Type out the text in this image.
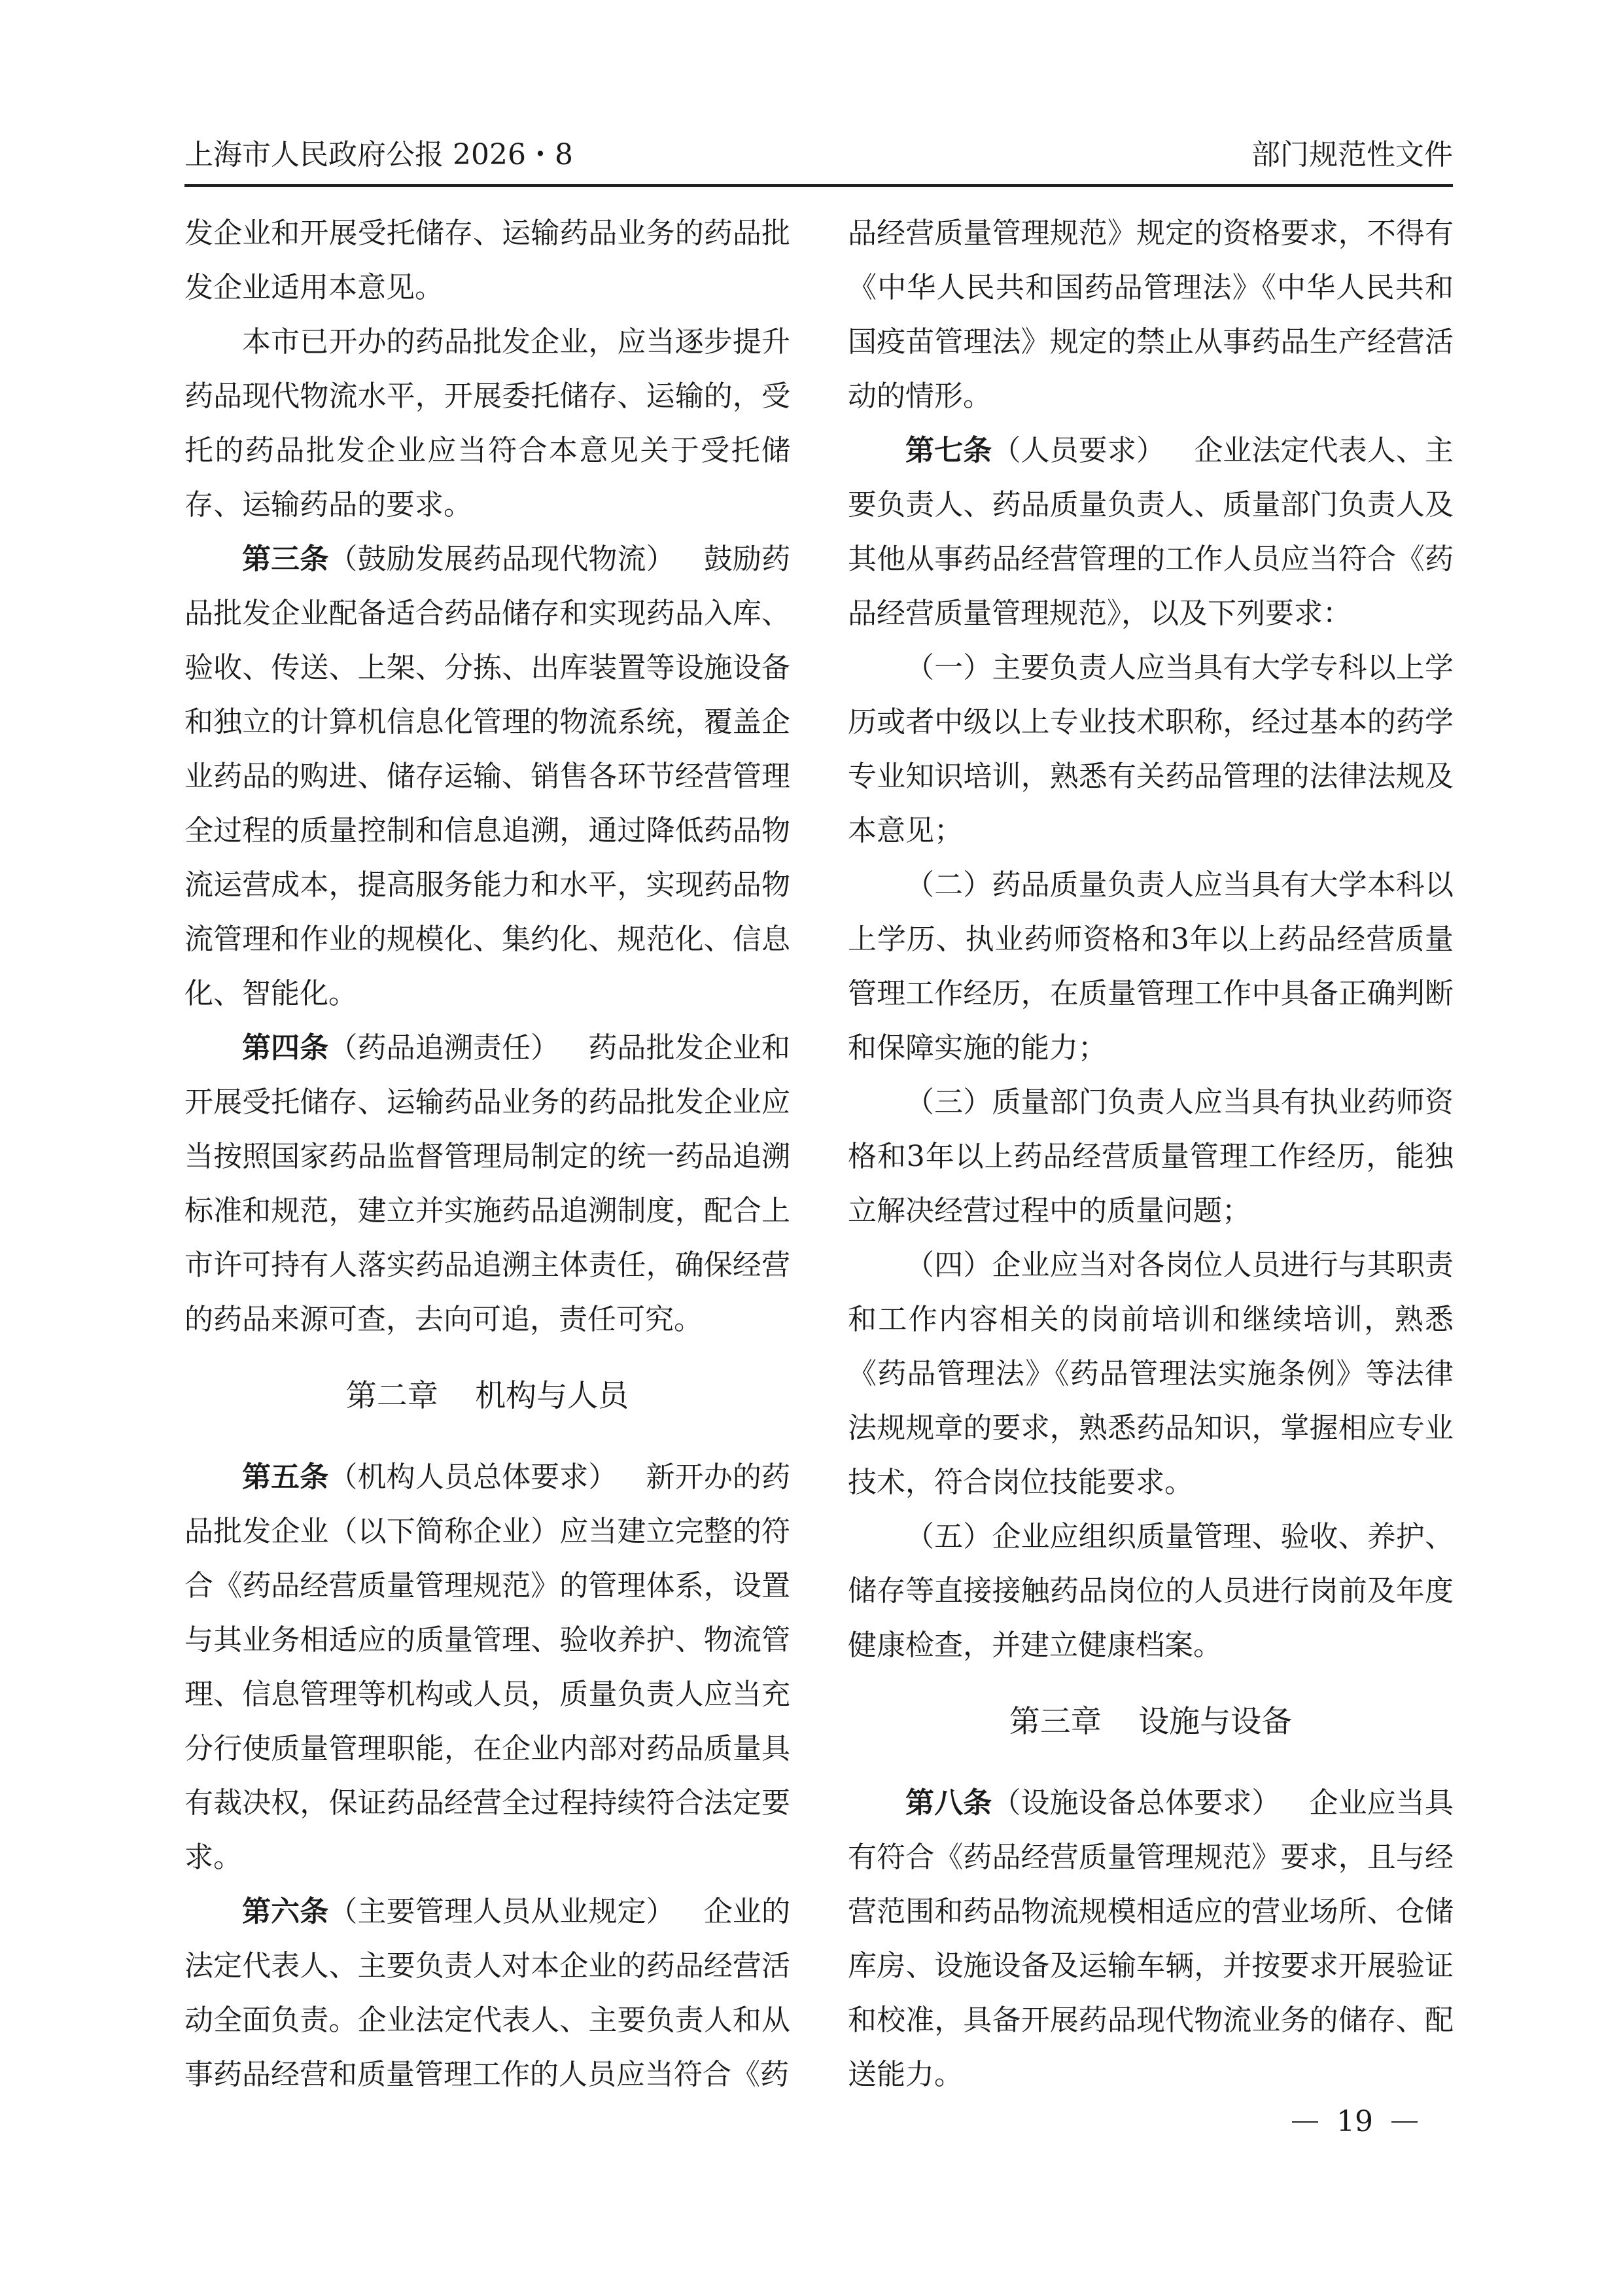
上海市人民政府公报 2026・8	部门规范性文件

发企业和开展受托储存、运输药品业务的药品批发企业适用本意见。

本市已开办的药品批发企业，应当逐步提升药品现代物流水平，开展委托储存、运输的，受托的药品批发企业应当符合本意见关于受托储存、运输药品的要求。

第三条（鼓励发展药品现代物流） 鼓励药品批发企业配备适合药品储存和实现药品入库、验收、传送、上架、分拣、出库装置等设施设备和独立的计算机信息化管理的物流系统，覆盖企业药品的购进、储存运输、销售各环节经营管理全过程的质量控制和信息追溯，通过降低药品物流运营成本，提高服务能力和水平，实现药品物流管理和作业的规模化、集约化、规范化、信息化、智能化。

第四条（药品追溯责任） 药品批发企业和开展受托储存、运输药品业务的药品批发企业应当按照国家药品监督管理局制定的统一药品追溯标准和规范，建立并实施药品追溯制度，配合上市许可持有人落实药品追溯主体责任，确保经营的药品来源可查，去向可追，责任可究。

第二章 机构与人员

第五条（机构人员总体要求） 新开办的药品批发企业（以下简称企业）应当建立完整的符合《药品经营质量管理规范》的管理体系，设置与其业务相适应的质量管理、验收养护、物流管理、信息管理等机构或人员，质量负责人应当充分行使质量管理职能，在企业内部对药品质量具有裁决权，保证药品经营全过程持续符合法定要求。

第六条（主要管理人员从业规定） 企业的法定代表人、主要负责人对本企业的药品经营活动全面负责。企业法定代表人、主要负责人和从事药品经营和质量管理工作的人员应当符合《药

品经营质量管理规范》规定的资格要求，不得有《中华人民共和国药品管理法》《中华人民共和国疫苗管理法》规定的禁止从事药品生产经营活动的情形。

第七条（人员要求） 企业法定代表人、主要负责人、药品质量负责人、质量部门负责人及其他从事药品经营管理的工作人员应当符合《药品经营质量管理规范》，以及下列要求：

（一）主要负责人应当具有大学专科以上学历或者中级以上专业技术职称，经过基本的药学专业知识培训，熟悉有关药品管理的法律法规及本意见；

（二）药品质量负责人应当具有大学本科以上学历、执业药师资格和3年以上药品经营质量管理工作经历，在质量管理工作中具备正确判断和保障实施的能力；

（三）质量部门负责人应当具有执业药师资格和3年以上药品经营质量管理工作经历，能独立解决经营过程中的质量问题；

（四）企业应当对各岗位人员进行与其职责和工作内容相关的岗前培训和继续培训，熟悉《药品管理法》《药品管理法实施条例》等法律法规规章的要求，熟悉药品知识，掌握相应专业技术，符合岗位技能要求。

（五）企业应组织质量管理、验收、养护、储存等直接接触药品岗位的人员进行岗前及年度健康检查，并建立健康档案。

第三章 设施与设备

第八条（设施设备总体要求） 企业应当具有符合《药品经营质量管理规范》要求，且与经营范围和药品物流规模相适应的营业场所、仓储库房、设施设备及运输车辆，并按要求开展验证和校准，具备开展药品现代物流业务的储存、配送能力。

19
